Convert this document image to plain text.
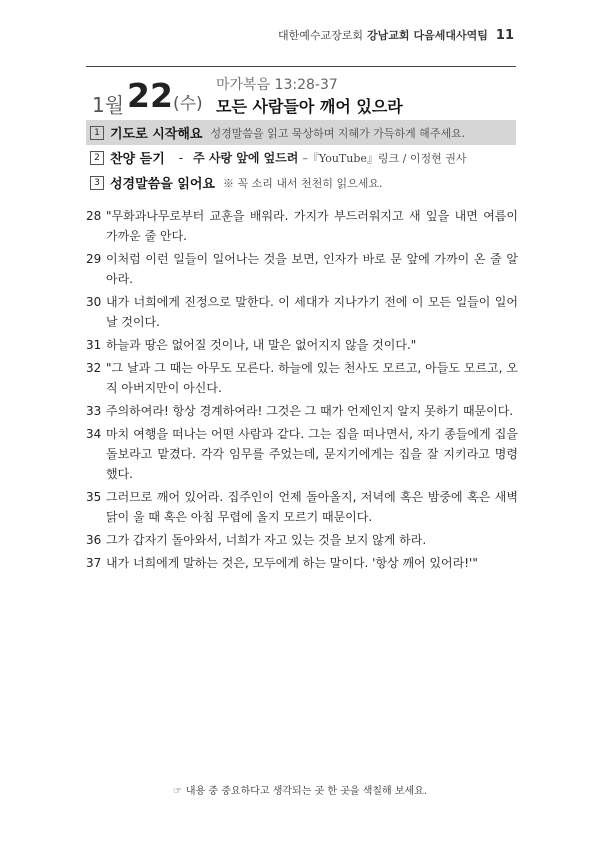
대한예수교장로회 강남교회 다음세대사역팀 11
1월 22 (수)
마가복음 13:28-37
모든 사람들아 깨어 있으라
1 기도로 시작해요 성경말씀을 읽고 묵상하며 지혜가 가득하게 해주세요.
2 찬양 듣기 - 주 사랑 앞에 엎드려 –『YouTube』링크 / 이정현 권사
3 성경말씀을 읽어요 ※ 꼭 소리 내서 천천히 읽으세요.
28 "무화과나무로부터 교훈을 배워라. 가지가 부드러워지고 새 잎을 내면 여름이 가까운 줄 안다.
29 이처럼 이런 일들이 일어나는 것을 보면, 인자가 바로 문 앞에 가까이 온 줄 알아라.
30 내가 너희에게 진정으로 말한다. 이 세대가 지나가기 전에 이 모든 일들이 일어날 것이다.
31 하늘과 땅은 없어질 것이나, 내 말은 없어지지 않을 것이다."
32 "그 날과 그 때는 아무도 모른다. 하늘에 있는 천사도 모르고, 아들도 모르고, 오직 아버지만이 아신다.
33 주의하여라! 항상 경계하여라! 그것은 그 때가 언제인지 알지 못하기 때문이다.
34 마치 여행을 떠나는 어떤 사람과 같다. 그는 집을 떠나면서, 자기 종들에게 집을 돌보라고 맡겼다. 각각 임무를 주었는데, 문지기에게는 집을 잘 지키라고 명령했다.
35 그러므로 깨어 있어라. 집주인이 언제 돌아올지, 저녁에 혹은 밤중에 혹은 새벽 닭이 울 때 혹은 아침 무렵에 올지 모르기 때문이다.
36 그가 갑자기 돌아와서, 너희가 자고 있는 것을 보지 않게 하라.
37 내가 너희에게 말하는 것은, 모두에게 하는 말이다. '항상 깨어 있어라!'"
☞ 내용 중 중요하다고 생각되는 곳 한 곳을 색칠해 보세요.
